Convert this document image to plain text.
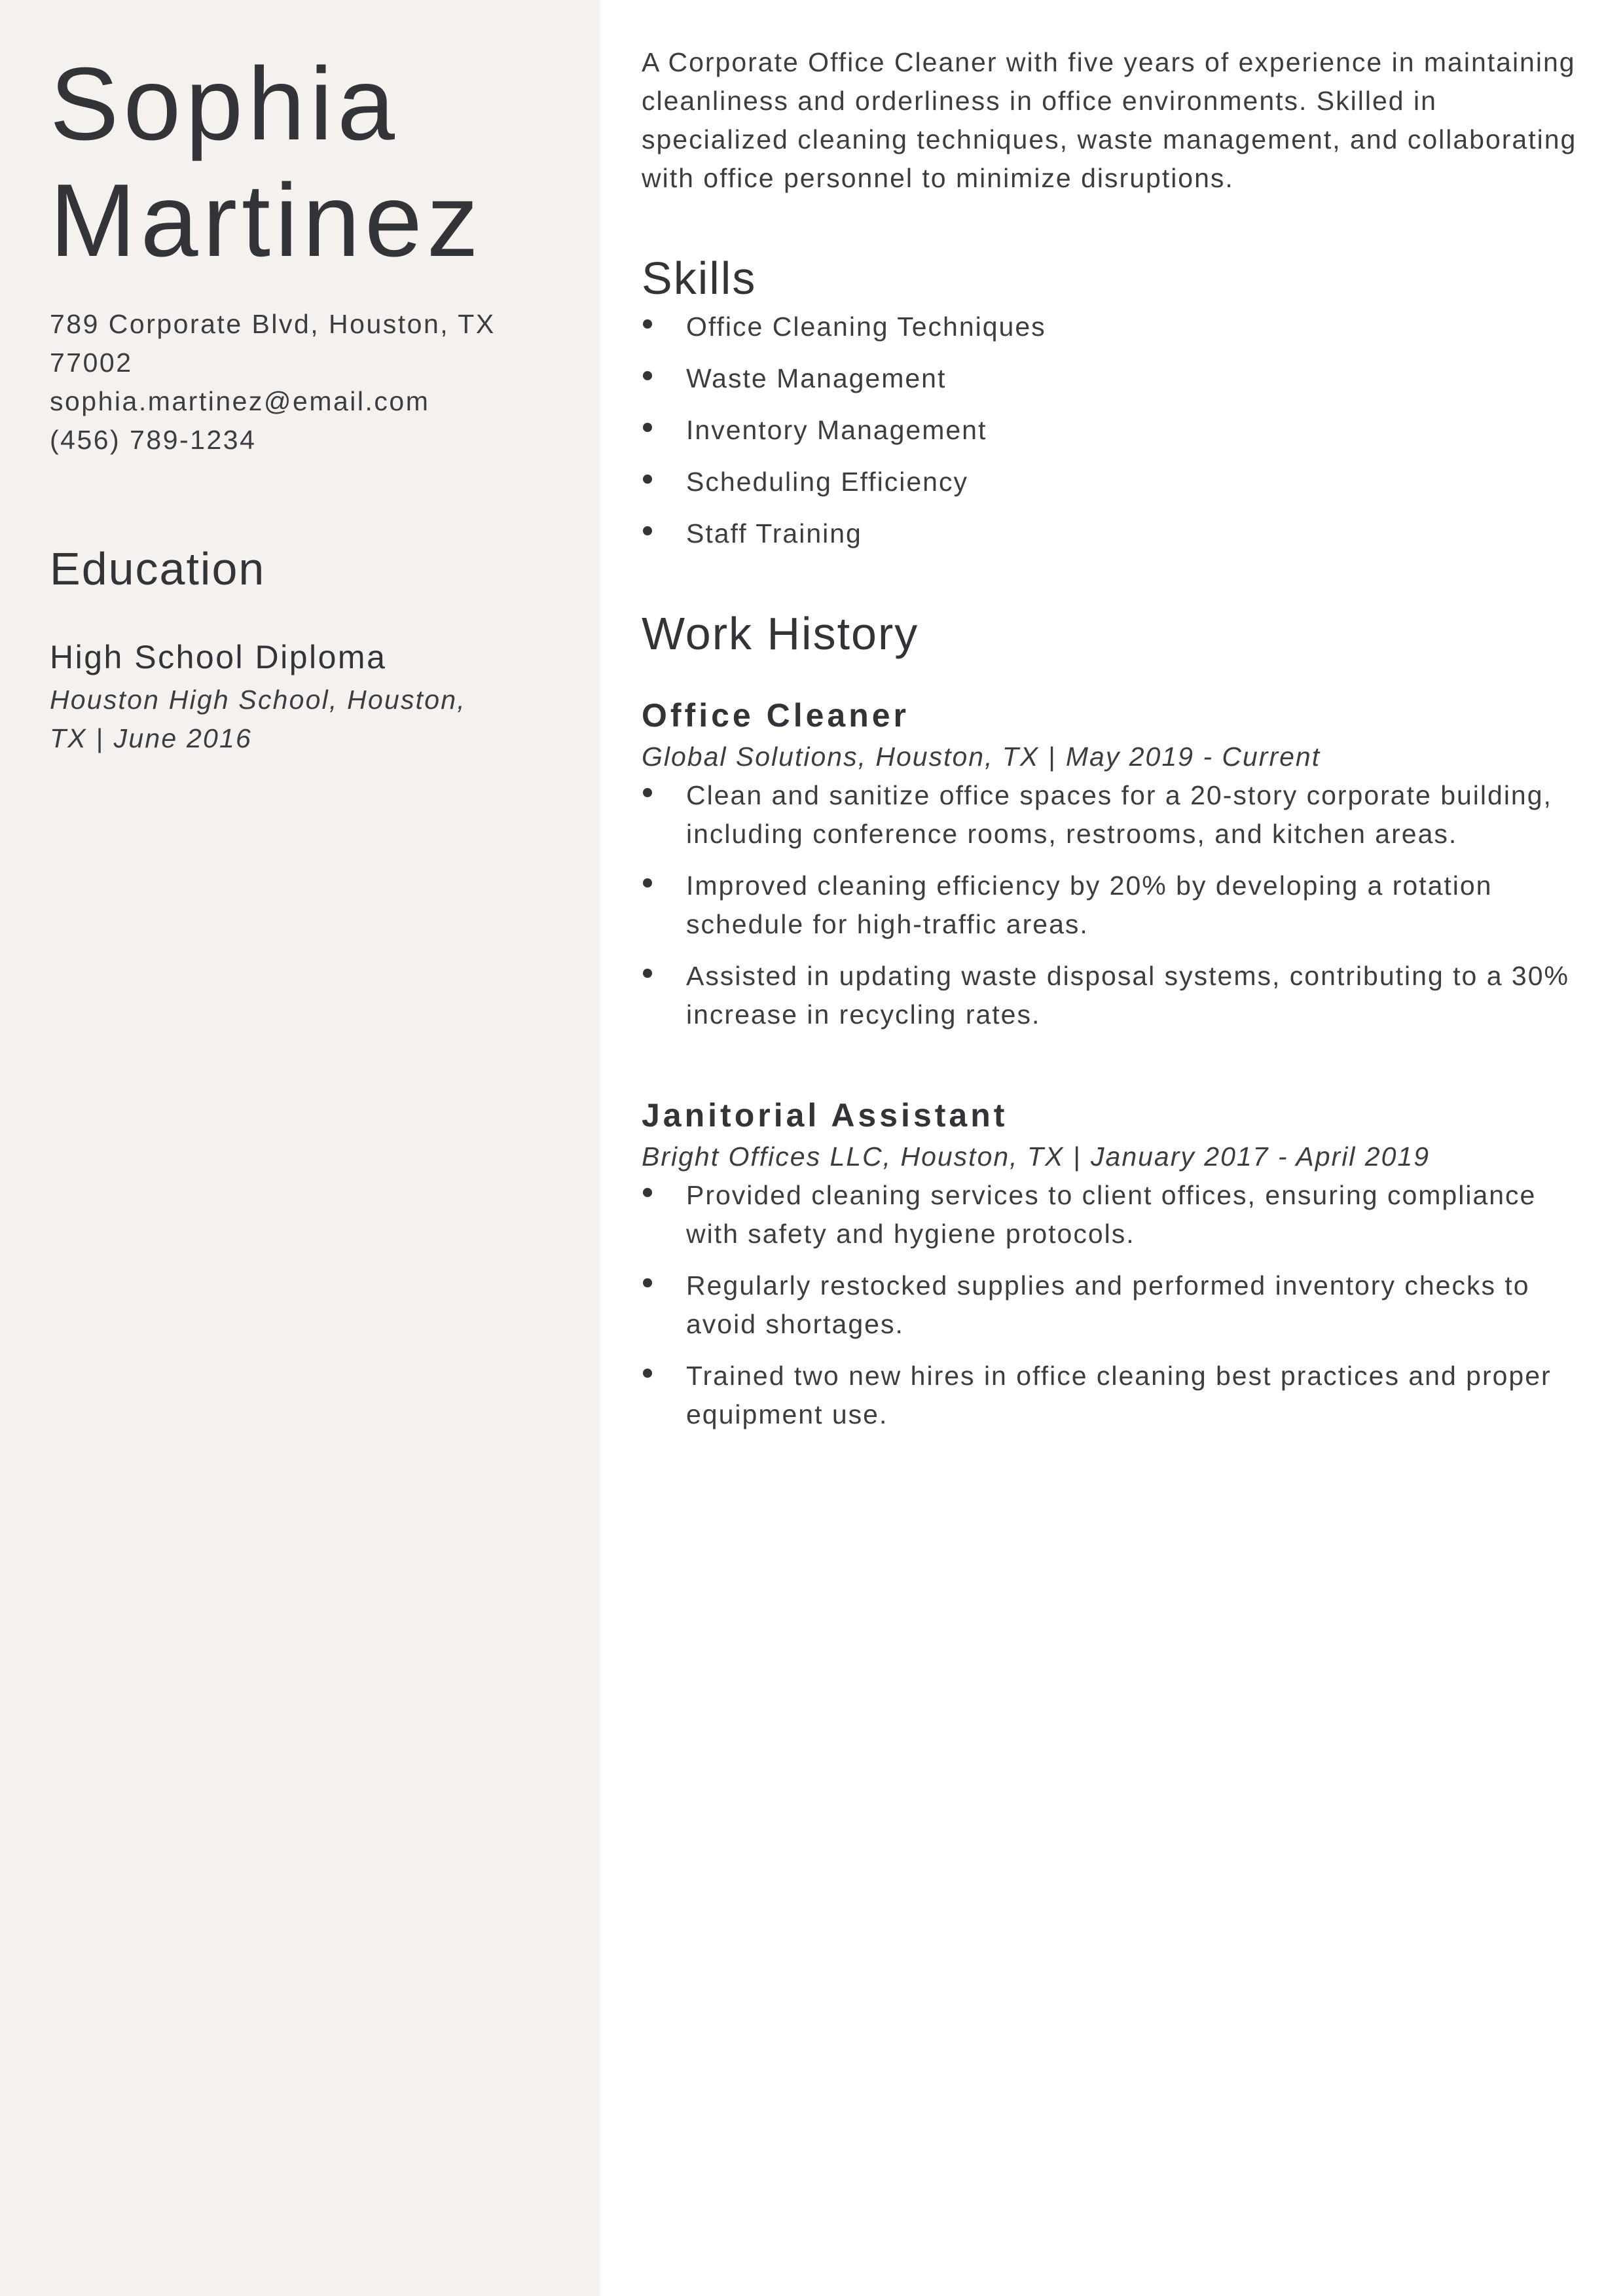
Sophia
Martinez
789 Corporate Blvd, Houston, TX
77002
sophia.martinez@email.com
(456) 789-1234
Education
High School Diploma
Houston High School, Houston,
TX | June 2016

A Corporate Office Cleaner with five years of experience in maintaining cleanliness and orderliness in office environments. Skilled in specialized cleaning techniques, waste management, and collaborating with office personnel to minimize disruptions.

Skills
Office Cleaning Techniques
Waste Management
Inventory Management
Scheduling Efficiency
Staff Training
Work History
Office Cleaner
Global Solutions, Houston, TX | May 2019 - Current
Clean and sanitize office spaces for a 20-story corporate building, including conference rooms, restrooms, and kitchen areas.
Improved cleaning efficiency by 20% by developing a rotation schedule for high-traffic areas.
Assisted in updating waste disposal systems, contributing to a 30% increase in recycling rates.
Janitorial Assistant
Bright Offices LLC, Houston, TX | January 2017 - April 2019
Provided cleaning services to client offices, ensuring compliance with safety and hygiene protocols.
Regularly restocked supplies and performed inventory checks to avoid shortages.
Trained two new hires in office cleaning best practices and proper equipment use.
